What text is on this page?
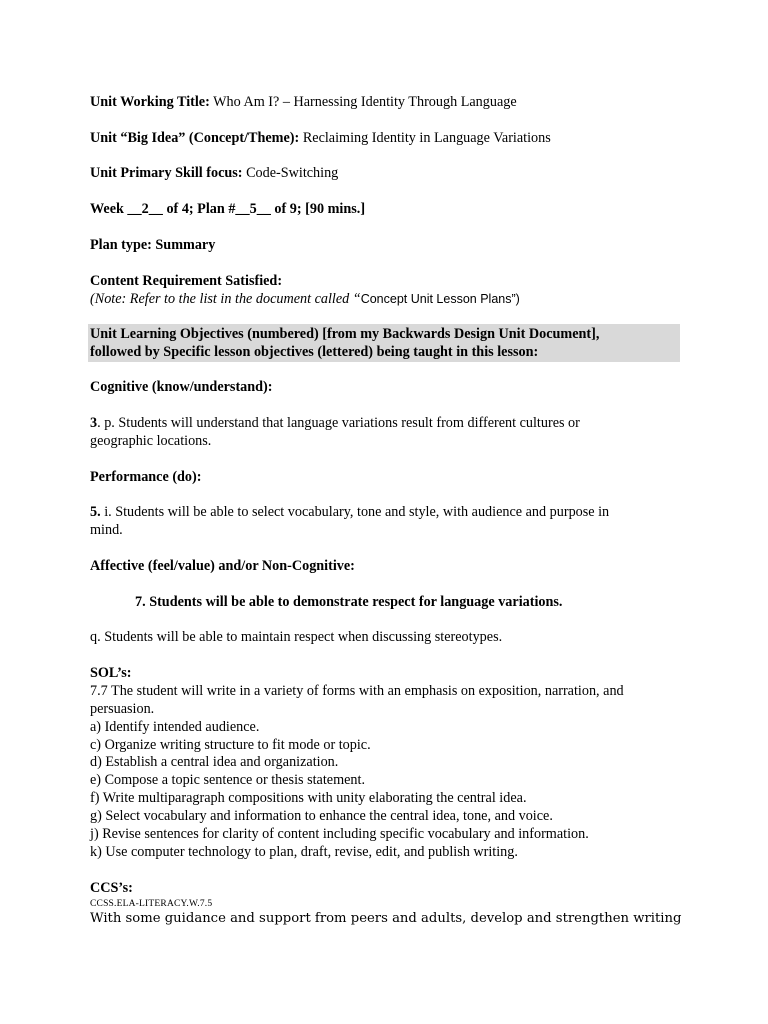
Unit Working Title: Who Am I? – Harnessing Identity Through Language
Unit “Big Idea” (Concept/Theme): Reclaiming Identity in Language Variations
Unit Primary Skill focus: Code-Switching
Week __2__ of 4; Plan #__5__ of 9; [90 mins.]
Plan type: Summary
Content Requirement Satisfied:
(Note: Refer to the list in the document called “Concept Unit Lesson Plans”)
Unit Learning Objectives (numbered) [from my Backwards Design Unit Document],
followed by Specific lesson objectives (lettered) being taught in this lesson:
Cognitive (know/understand):
3. p. Students will understand that language variations result from different cultures or
geographic locations.
Performance (do):
5. i. Students will be able to select vocabulary, tone and style, with audience and purpose in
mind.
Affective (feel/value) and/or Non-Cognitive:
7. Students will be able to demonstrate respect for language variations.
q. Students will be able to maintain respect when discussing stereotypes.
SOL’s:
7.7 The student will write in a variety of forms with an emphasis on exposition, narration, and
persuasion.
a) Identify intended audience.
c) Organize writing structure to fit mode or topic.
d) Establish a central idea and organization.
e) Compose a topic sentence or thesis statement.
f) Write multiparagraph compositions with unity elaborating the central idea.
g) Select vocabulary and information to enhance the central idea, tone, and voice.
j) Revise sentences for clarity of content including specific vocabulary and information.
k) Use computer technology to plan, draft, revise, edit, and publish writing.
CCS’s:
CCSS.ELA-LITERACY.W.7.5
With some guidance and support from peers and adults, develop and strengthen writing
